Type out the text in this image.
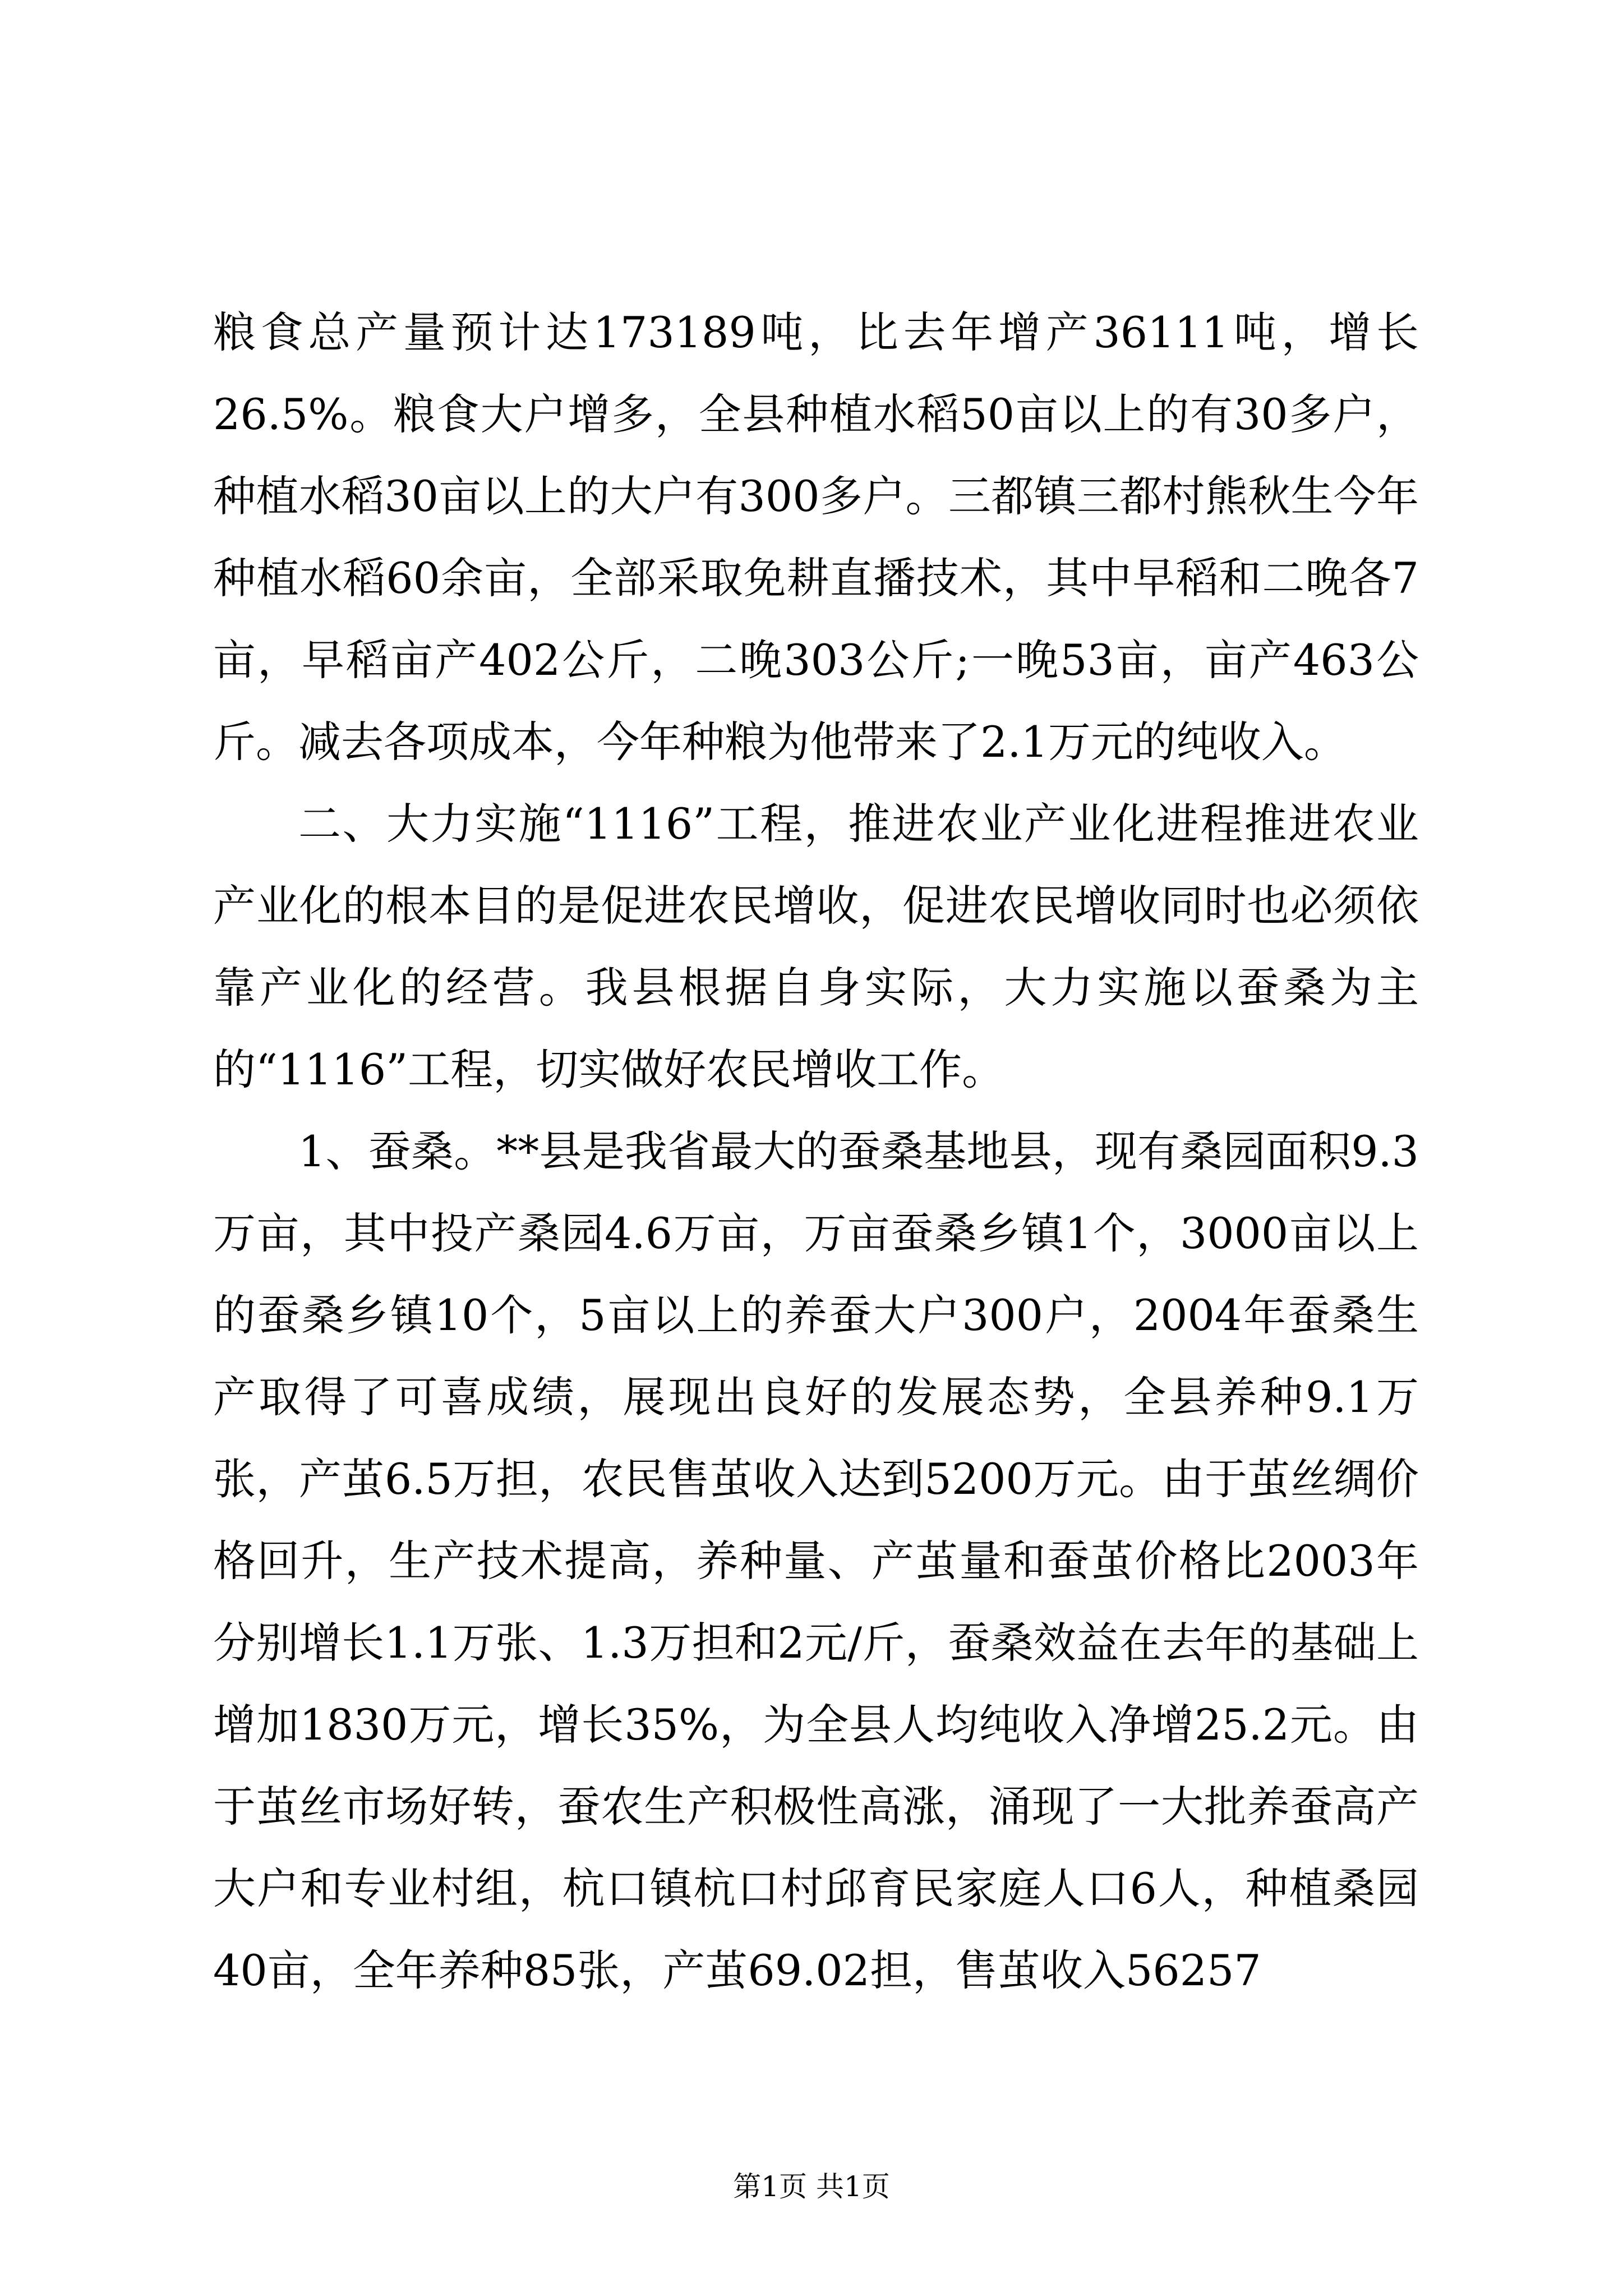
粮食总产量预计达173189吨，比去年增产36111吨，增长26.5%。粮食大户增多，全县种植水稻50亩以上的有30多户，种植水稻30亩以上的大户有300多户。三都镇三都村熊秋生今年种植水稻60余亩，全部采取免耕直播技术，其中早稻和二晚各7亩，早稻亩产402公斤，二晚303公斤;一晚53亩，亩产463公斤。减去各项成本，今年种粮为他带来了2.1万元的纯收入。

二、大力实施“1116”工程，推进农业产业化进程推进农业产业化的根本目的是促进农民增收，促进农民增收同时也必须依靠产业化的经营。我县根据自身实际，大力实施以蚕桑为主的“1116”工程，切实做好农民增收工作。

1、蚕桑。**县是我省最大的蚕桑基地县，现有桑园面积9.3万亩，其中投产桑园4.6万亩，万亩蚕桑乡镇1个，3000亩以上的蚕桑乡镇10个，5亩以上的养蚕大户300户，2004年蚕桑生产取得了可喜成绩，展现出良好的发展态势，全县养种9.1万张，产茧6.5万担，农民售茧收入达到5200万元。由于茧丝绸价格回升，生产技术提高，养种量、产茧量和蚕茧价格比2003年分别增长1.1万张、1.3万担和2元/斤，蚕桑效益在去年的基础上增加1830万元，增长35%，为全县人均纯收入净增25.2元。由于茧丝市场好转，蚕农生产积极性高涨，涌现了一大批养蚕高产大户和专业村组，杭口镇杭口村邱育民家庭人口6人，种植桑园40亩，全年养种85张，产茧69.02担，售茧收入56257

第1页 共1页
